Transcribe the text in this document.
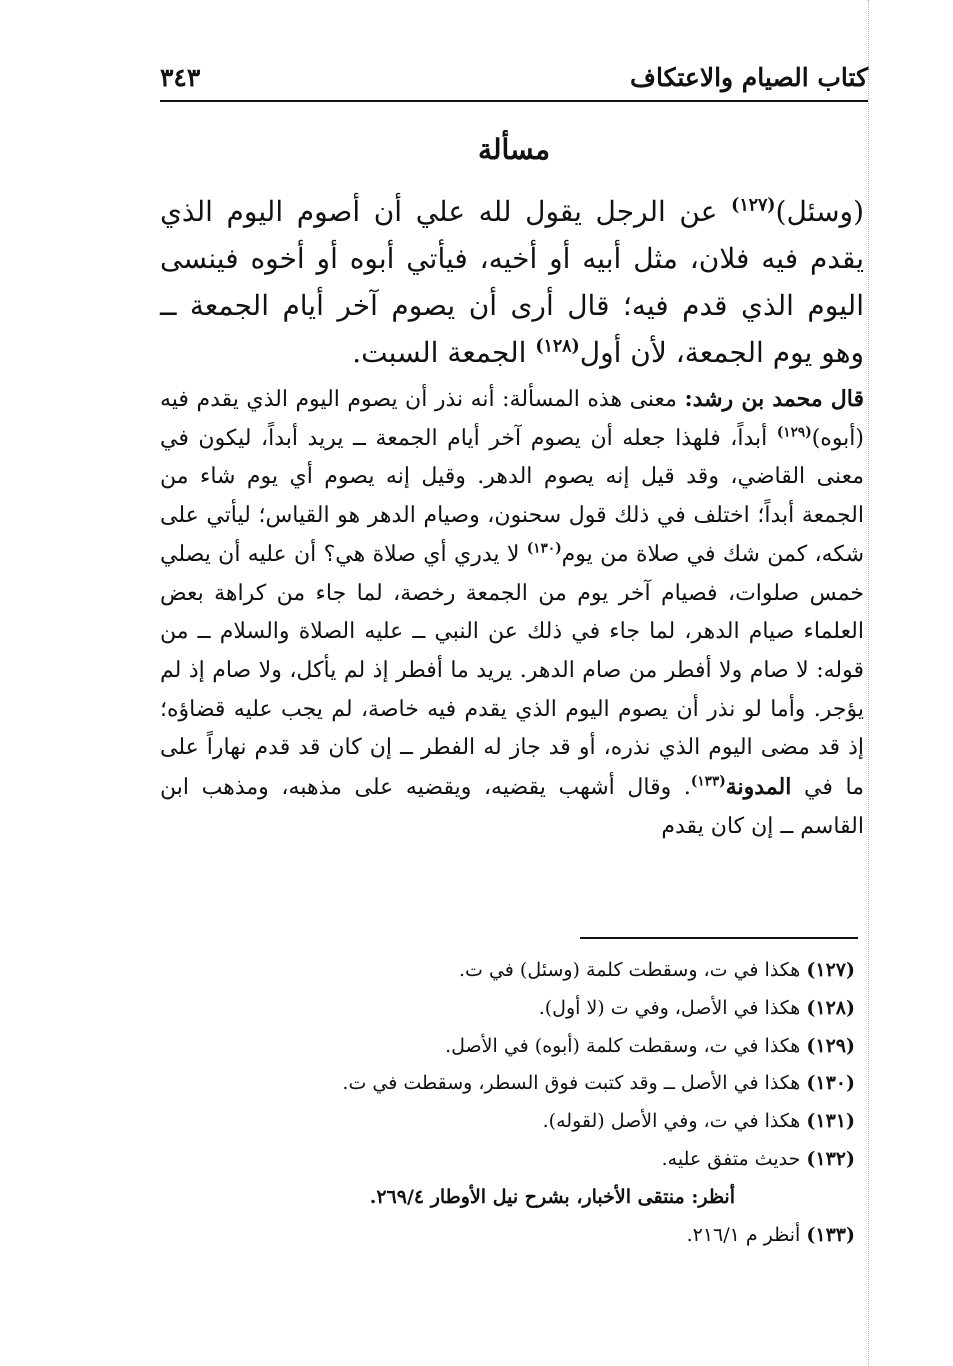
كتاب الصيام والاعتكاف
٣٤٣
مسألة
(وسئل)$^{(١٢٧)}$ عن الرجل يقول لله علي أن أصوم اليوم الذي يقدم فيه فلان، مثل أبيه أو أخيه، فيأتي أبوه أو أخوه فينسى اليوم الذي قدم فيه؛ قال أرى أن يصوم آخر أيام الجمعة ــ وهو يوم الجمعة، لأن أول$^{(١٢٨)}$ الجمعة السبت.
قال محمد بن رشد: معنى هذه المسألة: أنه نذر أن يصوم اليوم الذي يقدم فيه (أبوه)$^{(١٢٩)}$ أبداً، فلهذا جعله أن يصوم آخر أيام الجمعة ــ يريد أبداً، ليكون في معنى القاضي، وقد قيل إنه يصوم الدهر. وقيل إنه يصوم أي يوم شاء من الجمعة أبداً؛ اختلف في ذلك قول سحنون، وصيام الدهر هو القياس؛ ليأتي على شكه، كمن شك في صلاة من يوم$^{(١٣٠)}$ لا يدري أي صلاة هي؟ أن عليه أن يصلي خمس صلوات، فصيام آخر يوم من الجمعة رخصة، لما جاء من كراهة بعض العلماء صيام الدهر، لما جاء في ذلك عن النبي ــ عليه الصلاة والسلام ــ من قوله: لا صام ولا أفطر من صام الدهر. يريد ما أفطر إذ لم يأكل، ولا صام إذ لم يؤجر. وأما لو نذر أن يصوم اليوم الذي يقدم فيه خاصة، لم يجب عليه قضاؤه؛ إذ قد مضى اليوم الذي نذره، أو قد جاز له الفطر ــ إن كان قد قدم نهاراً على ما في المدونة$^{(١٣٣)}$. وقال أشهب يقضيه، ويقضيه على مذهبه، ومذهب ابن القاسم ــ إن كان يقدم
(١٢٧) هكذا في ت، وسقطت كلمة (وسئل) في ت.
(١٢٨) هكذا في الأصل، وفي ت (لا أول).
(١٢٩) هكذا في ت، وسقطت كلمة (أبوه) في الأصل.
(١٣٠) هكذا في الأصل ــ وقد كتبت فوق السطر، وسقطت في ت.
(١٣١) هكذا في ت، وفي الأصل (لقوله).
(١٣٢) حديث متفق عليه.
أنظر: منتقى الأخبار، بشرح نيل الأوطار ٢٦٩/٤.
(١٣٣) أنظر م ٢١٦/١.
